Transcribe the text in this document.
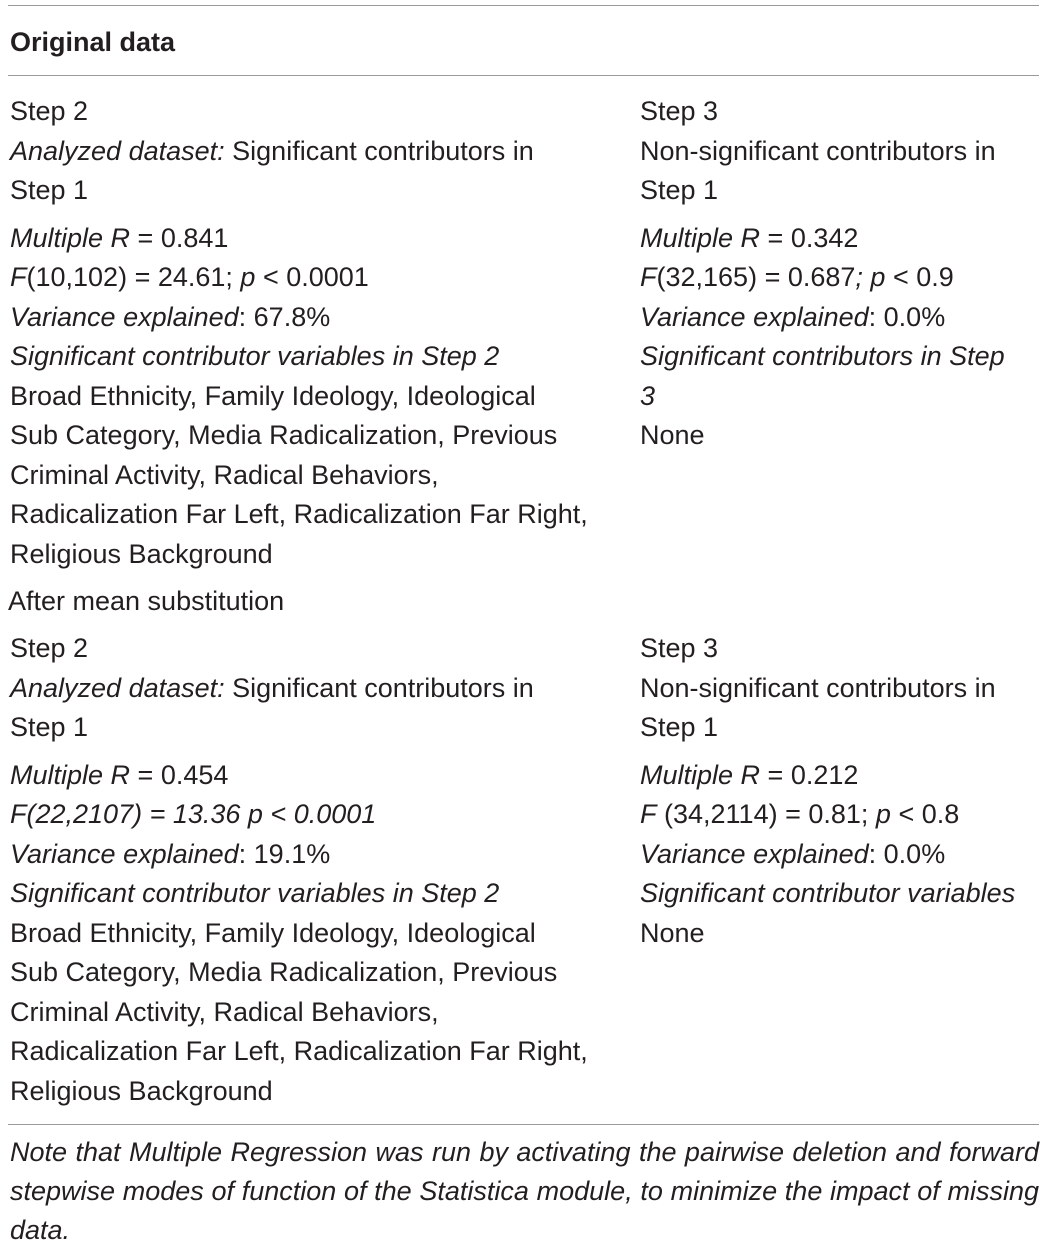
Original data

Step 2

Analyzed dataset: Significant contributors in

Step 1

Multiple R = 0.841

F(10,102) = 24.61; p < 0.0001

Variance explained: 67.8%

Significant contributor variables in Step 2

Broad Ethnicity, Family Ideology, Ideological

Sub Category, Media Radicalization, Previous

Criminal Activity, Radical Behaviors,

Radicalization Far Left, Radicalization Far Right,

Religious Background

Step 3

Non-significant contributors in

Step 1

Multiple R = 0.342

F(32,165) = 0.687; p < 0.9

Variance explained: 0.0%

Significant contributors in Step

3

None

After mean substitution

Step 2

Analyzed dataset: Significant contributors in

Step 1

Multiple R = 0.454

F(22,2107) = 13.36 p < 0.0001

Variance explained: 19.1%

Significant contributor variables in Step 2

Broad Ethnicity, Family Ideology, Ideological

Sub Category, Media Radicalization, Previous

Criminal Activity, Radical Behaviors,

Radicalization Far Left, Radicalization Far Right,

Religious Background

Step 3

Non-significant contributors in

Step 1

Multiple R = 0.212

F (34,2114) = 0.81; p < 0.8

Variance explained: 0.0%

Significant contributor variables

None

Note that Multiple Regression was run by activating the pairwise deletion and forward stepwise modes of function of the Statistica module, to minimize the impact of missing data.
